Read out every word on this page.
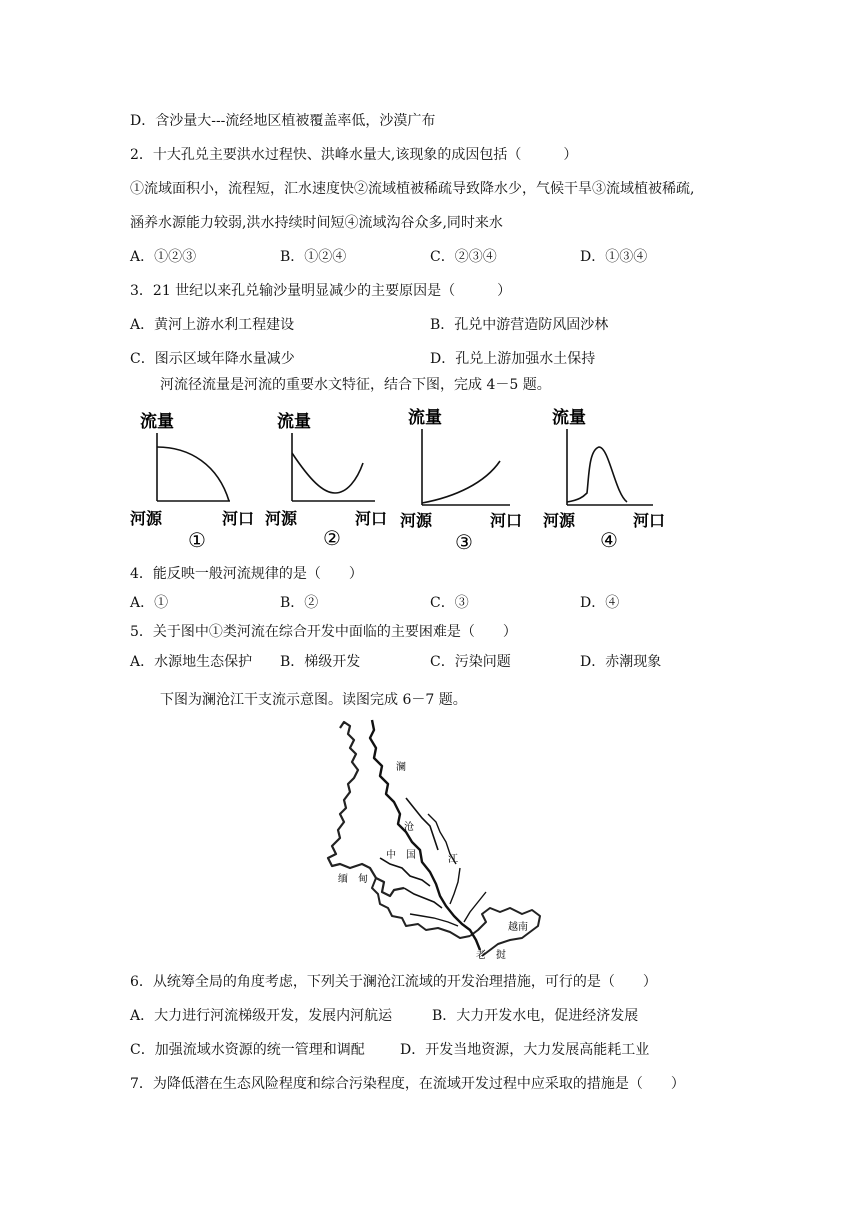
D．含沙量大---流经地区植被覆盖率低，沙漠广布
2．十大孔兑主要洪水过程快、洪峰水量大,该现象的成因包括（　　　）
①流域面积小，流程短，汇水速度快②流域植被稀疏导致降水少，气候干旱③流域植被稀疏,
涵养水源能力较弱,洪水持续时间短④流域沟谷众多,同时来水
A．①②③	B．①②④	C．②③④	D．①③④
3．21 世纪以来孔兑输沙量明显减少的主要原因是（　　　）
A．黄河上游水利工程建设	B．孔兑中游营造防风固沙林
C．图示区域年降水量减少	D．孔兑上游加强水土保持
河流径流量是河流的重要水文特征，结合下图，完成 4－5 题。
流量
河源	河口
①
流量
河源	河口
②
流量
河源	河口
③
流量
河源	河口
④
4．能反映一般河流规律的是（　　）
A．①	B．②	C．③	D．④
5．关于图中①类河流在综合开发中面临的主要困难是（　　）
A．水源地生态保护 B．梯级开发	C．污染问题	D．赤潮现象
下图为澜沧江干支流示意图。读图完成 6－7 题。
澜
沧
江
中　国
缅　甸
越南
老　挝
6．从统筹全局的角度考虑，下列关于澜沧江流域的开发治理措施，可行的是（　　）
A．大力进行河流梯级开发，发展内河航运	B．大力开发水电，促进经济发展
C．加强流域水资源的统一管理和调配	D．开发当地资源，大力发展高能耗工业
7．为降低潜在生态风险程度和综合污染程度，在流域开发过程中应采取的措施是（　　）
